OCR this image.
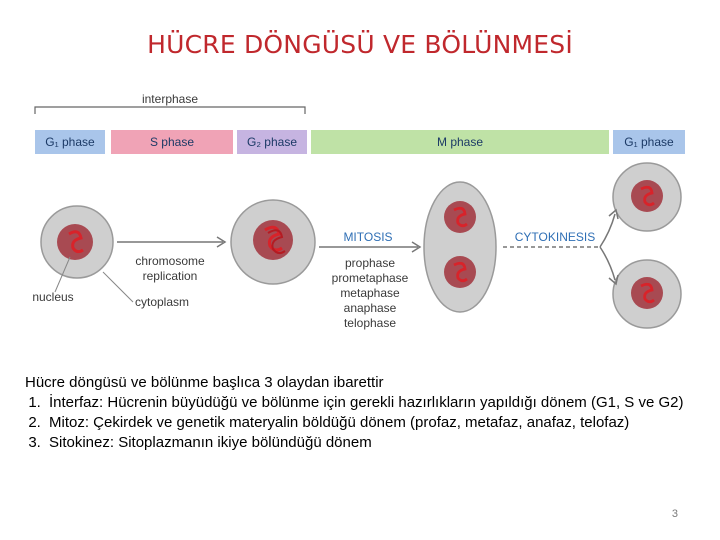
HÜCRE DÖNGÜSÜ VE BÖLÜNMESİ
interphase
G₁ phase	S phase	G₂ phase	M phase	G₁ phase
chromosome
replication
nucleus	cytoplasm
MITOSIS	CYTOKINESIS
prophase
prometaphase
metaphase
anaphase
telophase
Hücre döngüsü ve bölünme başlıca 3 olaydan ibarettir
1. İnterfaz: Hücrenin büyüdüğü ve bölünme için gerekli hazırlıkların yapıldığı dönem (G1, S ve G2)
2. Mitoz: Çekirdek ve genetik materyalin böldüğü dönem (profaz, metafaz, anafaz, telofaz)
3. Sitokinez: Sitoplazmanın ikiye bölündüğü dönem
3
